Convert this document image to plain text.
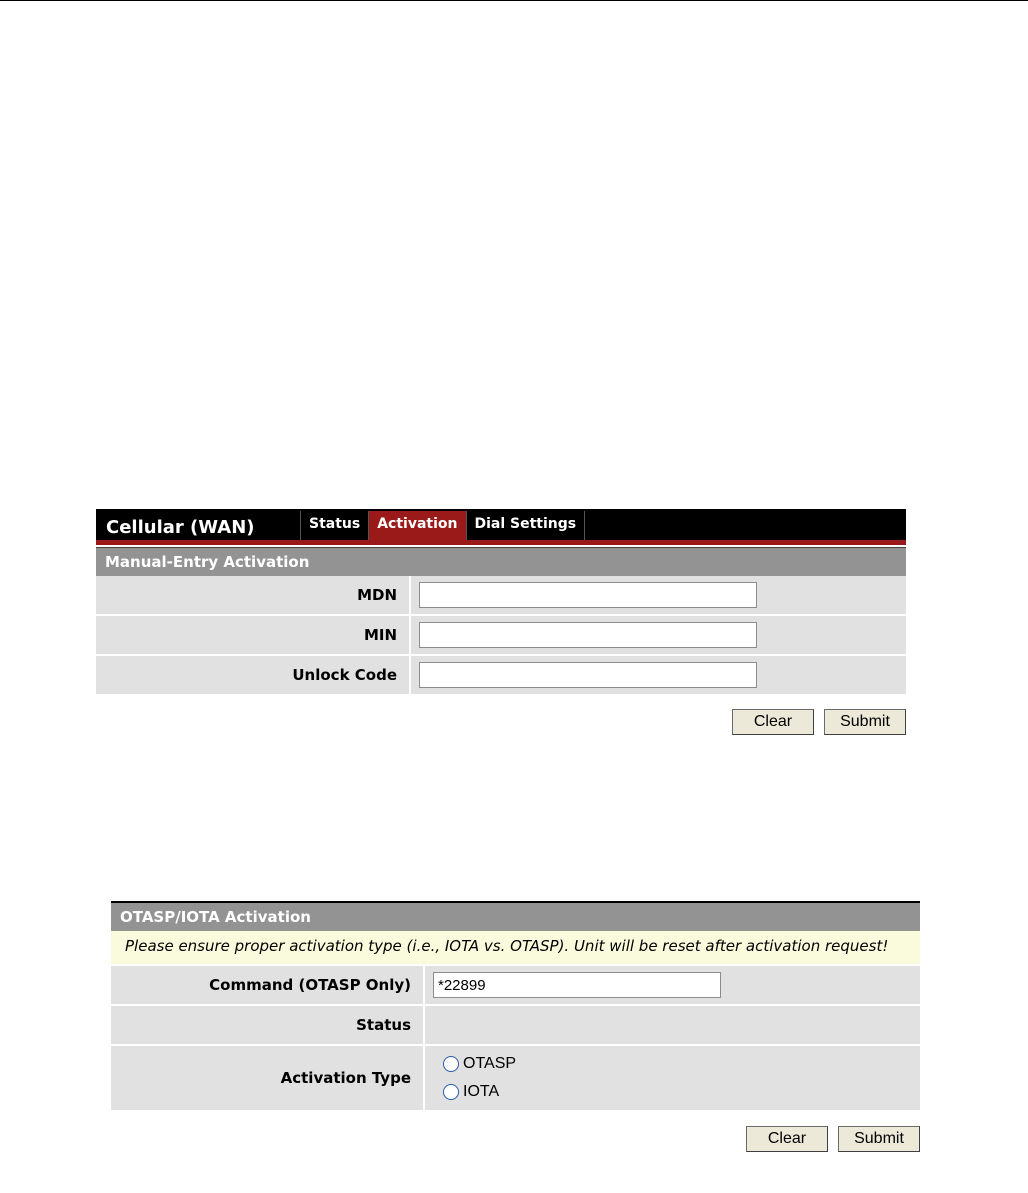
Cellular (WAN)	Status	Activation	Dial Settings
Manual-Entry Activation
MDN	
MIN	
Unlock Code	
Clear	Submit
OTASP/IOTA Activation
Please ensure proper activation type (i.e., IOTA vs. OTASP). Unit will be reset after activation request!
Command (OTASP Only)	*22899
Status	
Activation Type	OTASP
IOTA
Clear	Submit
